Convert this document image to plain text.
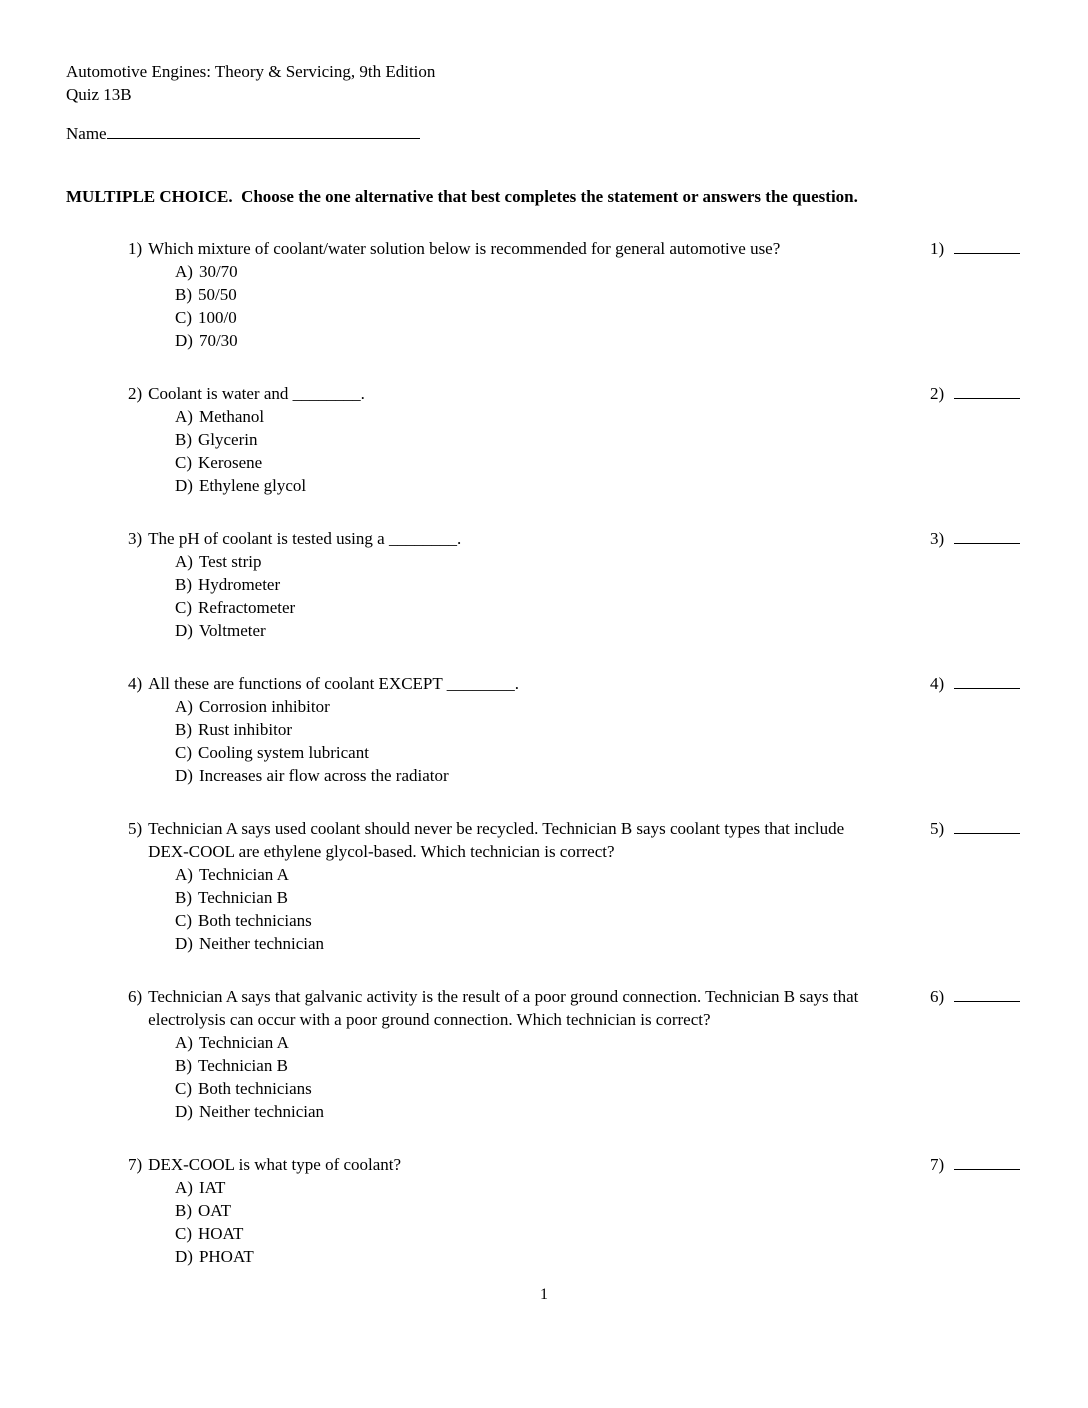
Automotive Engines: Theory & Servicing, 9th Edition
Quiz 13B
Name
MULTIPLE CHOICE.  Choose the one alternative that best completes the statement or answers the question.
1) Which mixture of coolant/water solution below is recommended for general automotive use?
A) 30/70
B) 50/50
C) 100/0
D) 70/30
1)
2) Coolant is water and ________.
A) Methanol
B) Glycerin
C) Kerosene
D) Ethylene glycol
2)
3) The pH of coolant is tested using a ________.
A) Test strip
B) Hydrometer
C) Refractometer
D) Voltmeter
3)
4) All these are functions of coolant EXCEPT ________.
A) Corrosion inhibitor
B) Rust inhibitor
C) Cooling system lubricant
D) Increases air flow across the radiator
4)
5) Technician A says used coolant should never be recycled. Technician B says coolant types that include DEX-COOL are ethylene glycol-based. Which technician is correct?
A) Technician A
B) Technician B
C) Both technicians
D) Neither technician
5)
6) Technician A says that galvanic activity is the result of a poor ground connection. Technician B says that electrolysis can occur with a poor ground connection. Which technician is correct?
A) Technician A
B) Technician B
C) Both technicians
D) Neither technician
6)
7) DEX-COOL is what type of coolant?
A) IAT
B) OAT
C) HOAT
D) PHOAT
7)
1
